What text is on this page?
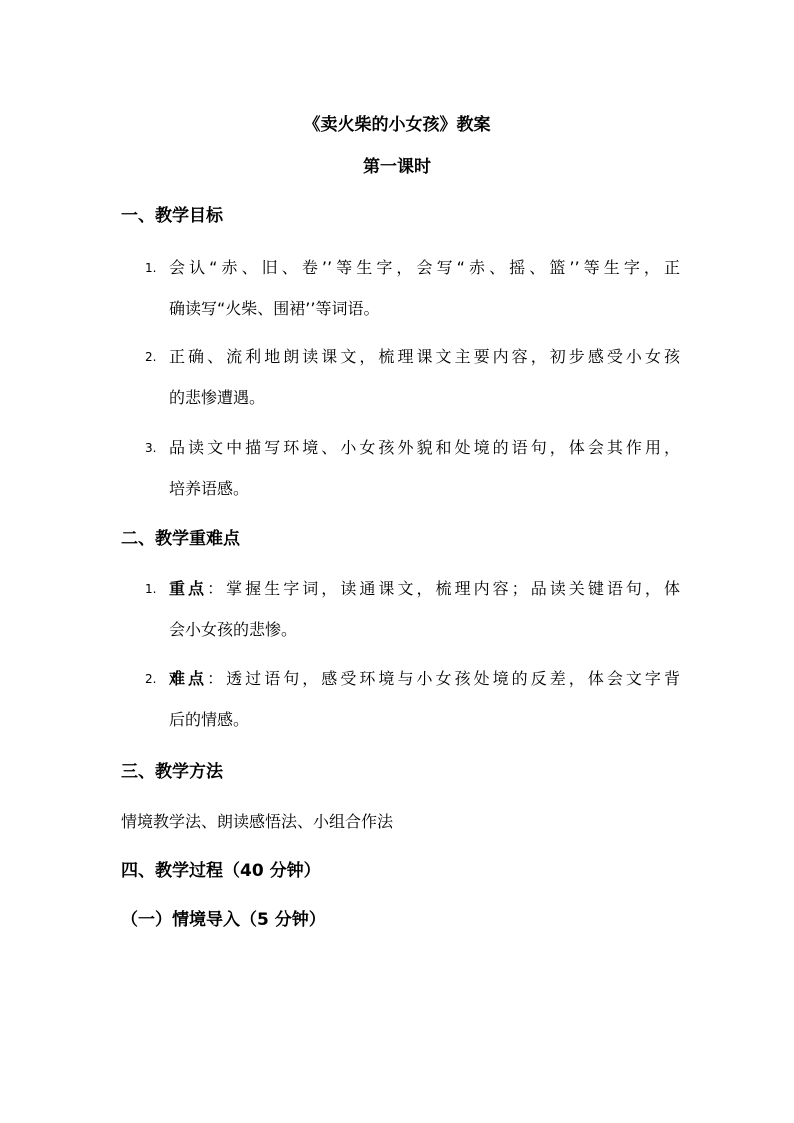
《卖火柴的小女孩》教案
第一课时
一、教学目标
1. 会认“赤、旧、卷’’等生字，会写“赤、摇、篮’’等生字，正
确读写“火柴、围裙’’等词语。
2. 正确、流利地朗读课文，梳理课文主要内容，初步感受小女孩
的悲惨遭遇。
3. 品读文中描写环境、小女孩外貌和处境的语句，体会其作用，
培养语感。
二、教学重难点
1. 重点：掌握生字词，读通课文，梳理内容；品读关键语句，体
会小女孩的悲惨。
2. 难点：透过语句，感受环境与小女孩处境的反差，体会文字背
后的情感。
三、教学方法

情境教学法、朗读感悟法、小组合作法

四、教学过程（40 分钟）
（一）情境导入（5 分钟）
